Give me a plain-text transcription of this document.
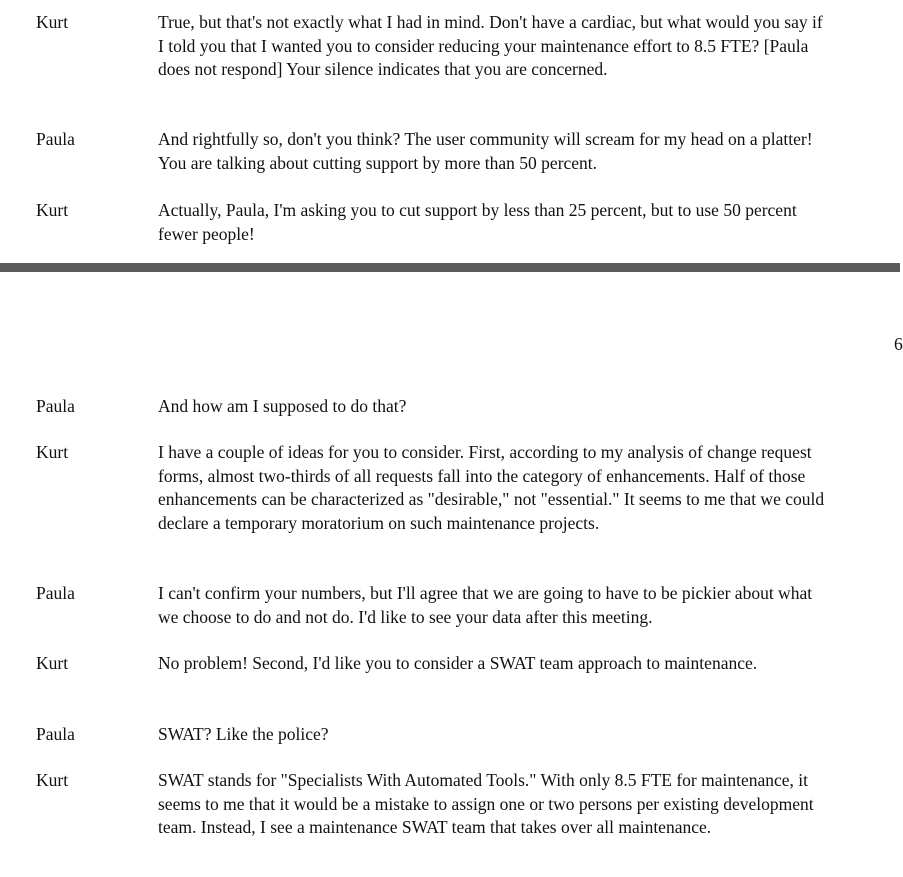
Kurt	True, but that's not exactly what I had in mind. Don't have a cardiac, but what would you say if I told you that I wanted you to consider reducing your maintenance effort to 8.5 FTE? [Paula does not respond] Your silence indicates that you are concerned.
Paula	And rightfully so, don't you think? The user community will scream for my head on a platter! You are talking about cutting support by more than 50 percent.
Kurt	Actually, Paula, I'm asking you to cut support by less than 25 percent, but to use 50 percent fewer people!
6
Paula	And how am I supposed to do that?
Kurt	I have a couple of ideas for you to consider. First, according to my analysis of change request forms, almost two-thirds of all requests fall into the category of enhancements. Half of those enhancements can be characterized as "desirable," not "essential." It seems to me that we could declare a temporary moratorium on such maintenance projects.
Paula	I can't confirm your numbers, but I'll agree that we are going to have to be pickier about what we choose to do and not do. I'd like to see your data after this meeting.
Kurt	No problem! Second, I'd like you to consider a SWAT team approach to maintenance.
Paula	SWAT? Like the police?
Kurt	SWAT stands for "Specialists With Automated Tools." With only 8.5 FTE for maintenance, it seems to me that it would be a mistake to assign one or two persons per existing development team. Instead, I see a maintenance SWAT team that takes over all maintenance.
